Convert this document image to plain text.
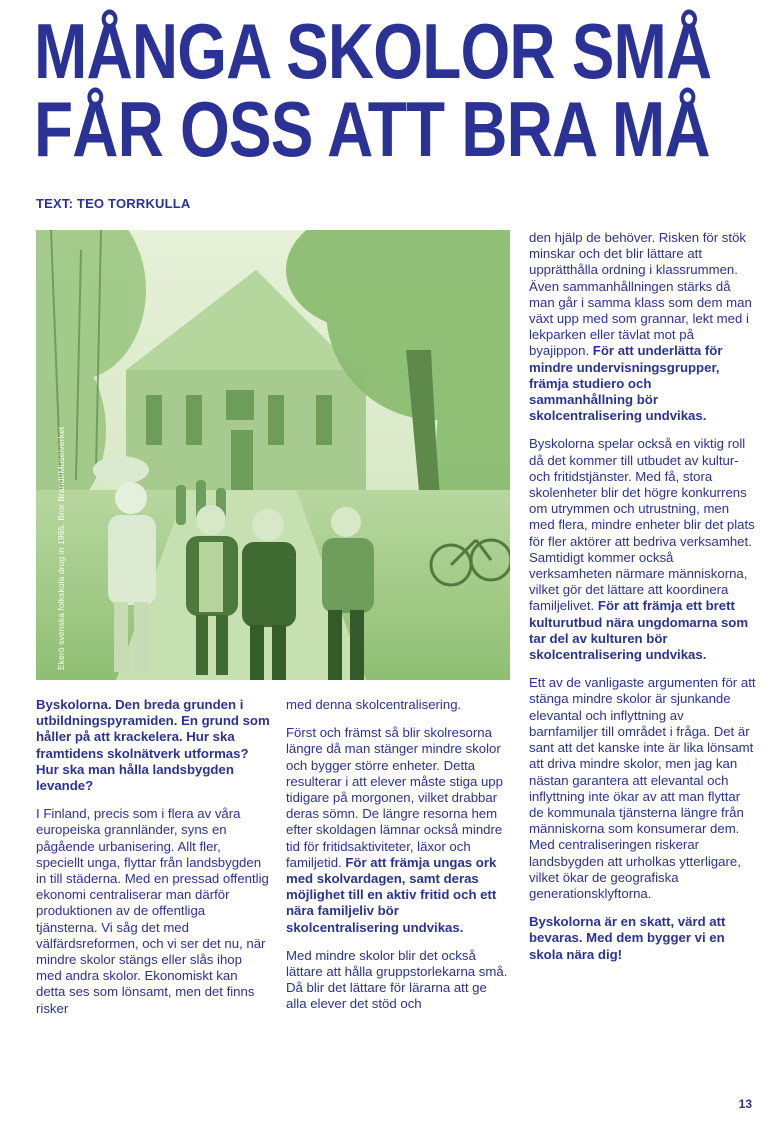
MÅNGA SKOLOR SMÅ
FÅR OSS ATT BRA MÅ
TEXT: TEO TORRKULLA
Ekerö svenska folkskola drog in 1965. Bror Brandt/Museiverket

Byskolorna. Den breda grunden i utbildningspyramiden. En grund som håller på att krackelera. Hur ska framtidens skolnätverk utformas? Hur ska man hålla landsbygden levande?

I Finland, precis som i flera av våra europeiska grannländer, syns en pågående urbanisering. Allt fler, speciellt unga, flyttar från landsbygden in till städerna. Med en pressad offentlig ekonomi centraliserar man därför produktionen av de offentliga tjänsterna. Vi såg det med välfärdsreformen, och vi ser det nu, när mindre skolor stängs eller slås ihop med andra skolor. Ekonomiskt kan detta ses som lönsamt, men det finns risker

med denna skolcentralisering.

Först och främst så blir skolresorna längre då man stänger mindre skolor och bygger större enheter. Detta resulterar i att elever måste stiga upp tidigare på morgonen, vilket drabbar deras sömn. De längre resorna hem efter skoldagen lämnar också mindre tid för fritidsaktiviteter, läxor och familjetid. För att främja ungas ork med skolvardagen, samt deras möjlighet till en aktiv fritid och ett nära familjeliv bör skolcentralisering undvikas.

Med mindre skolor blir det också lättare att hålla gruppstorlekarna små. Då blir det lättare för lärarna att ge alla elever det stöd och

den hjälp de behöver. Risken för stök minskar och det blir lättare att upprätthålla ordning i klassrummen. Även sammanhållningen stärks då man går i samma klass som dem man växt upp med som grannar, lekt med i lekparken eller tävlat mot på byajippon. För att underlätta för mindre undervisningsgrupper, främja studiero och sammanhållning bör skolcentralisering undvikas.

Byskolorna spelar också en viktig roll då det kommer till utbudet av kultur- och fritidstjänster. Med få, stora skolenheter blir det högre konkurrens om utrymmen och utrustning, men med flera, mindre enheter blir det plats för fler aktörer att bedriva verksamhet. Samtidigt kommer också verksamheten närmare människorna, vilket gör det lättare att koordinera familjelivet. För att främja ett brett kulturutbud nära ungdomarna som tar del av kulturen bör skolcentralisering undvikas.

Ett av de vanligaste argumenten för att stänga mindre skolor är sjunkande elevantal och inflyttning av barnfamiljer till området i fråga. Det är sant att det kanske inte är lika lönsamt att driva mindre skolor, men jag kan nästan garantera att elevantal och inflyttning inte ökar av att man flyttar de kommunala tjänsterna längre från människorna som konsumerar dem. Med centraliseringen riskerar landsbygden att urholkas ytterligare, vilket ökar de geografiska generationsklyftorna.

Byskolorna är en skatt, värd att bevaras. Med dem bygger vi en skola nära dig!

13
